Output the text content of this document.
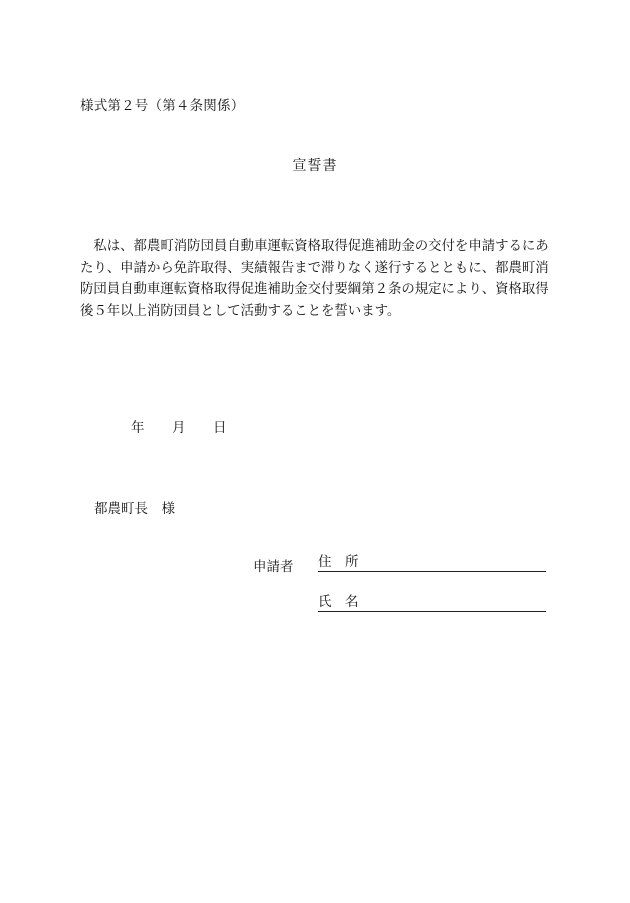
様式第２号（第４条関係）
宣誓書
　私は、都農町消防団員自動車運転資格取得促進補助金の交付を申請するにあ
たり、申請から免許取得、実績報告まで滞りなく遂行するとともに、都農町消
防団員自動車運転資格取得促進補助金交付要綱第２条の規定により、資格取得
後５年以上消防団員として活動することを誓います。
年 月 日
都農町長　様
申請者 住　所
氏　名
